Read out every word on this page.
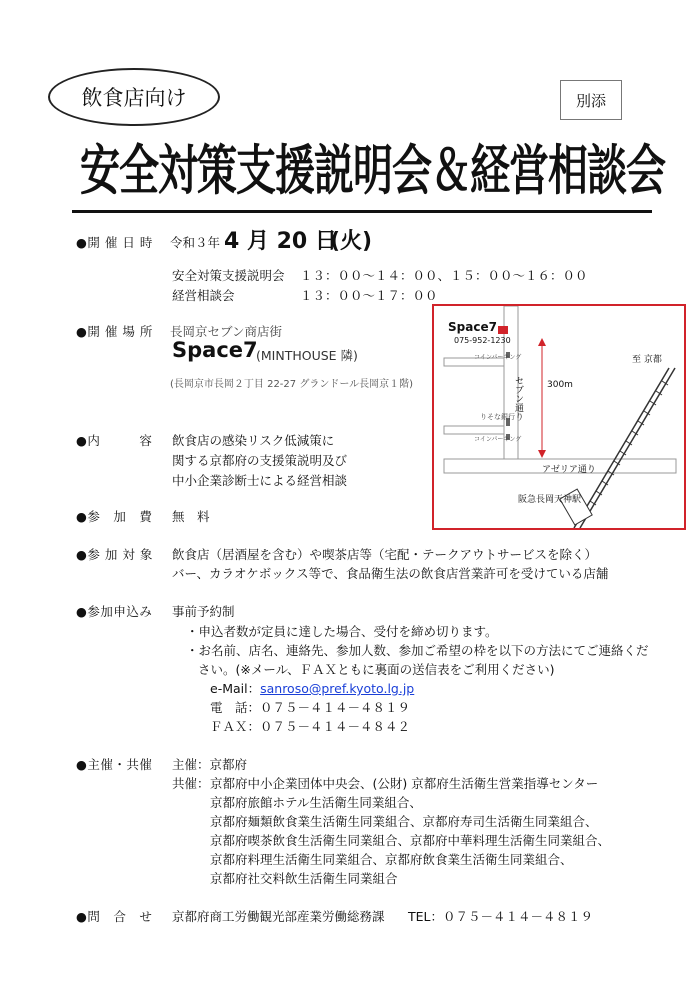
飲食店向け	別添
安全対策支援説明会＆経営相談会
●開 催 日 時 令和３年 4 月 20 日
(火)
安全対策支援説明会 １３：００～１４：００、１５：００～１６：００
経営相談会	１３：００～１７：００
●開 催 場 所 長岡京セブン商店街
Space7
(MINTHOUSE 隣)
(長岡京市長岡２丁目 22-27 グランドール長岡京１階)
●内　　　容 飲食店の感染リスク低減策に
関する京都府の支援策説明及び
中小企業診断士による経営相談
●参　加　費 無　料
●参 加 対 象 飲食店（居酒屋を含む）や喫茶店等（宅配・テークアウトサービスを除く）
バー、カラオケボックス等で、食品衛生法の飲食店営業許可を受けている店舗
●参加申込み 事前予約制
・申込者数が定員に達した場合、受付を締め切ります。
・お名前、店名、連絡先、参加人数、参加ご希望の枠を以下の方法にてご連絡くだ
さい。(※メール、ＦＡＸともに裏面の送信表をご利用ください)
e-Mail：sanroso@pref.kyoto.lg.jp
電　話：０７５－４１４－４８１９
ＦＡＸ：０７５－４１４－４８４２
●主催・共催 主催：京都府
共催： 京都府中小企業団体中央会、(公財) 京都府生活衛生営業指導センター
京都府旅館ホテル生活衛生同業組合、
京都府麺類飲食業生活衛生同業組合、京都府寿司生活衛生同業組合、
京都府喫茶飲食生活衛生同業組合、京都府中華料理生活衛生同業組合、
京都府料理生活衛生同業組合、京都府飲食業生活衛生同業組合、
京都府社交料飲生活衛生同業組合
●問　合　せ 京都府商工労働観光部産業労働総務課 TEL：０７５－４１４－４８１９
Space7
075-952-1230
コインパーキング
りそな銀行
コインパーキング
セブン通り	300m
至 京都
アゼリア通り
阪急長岡天神駅
